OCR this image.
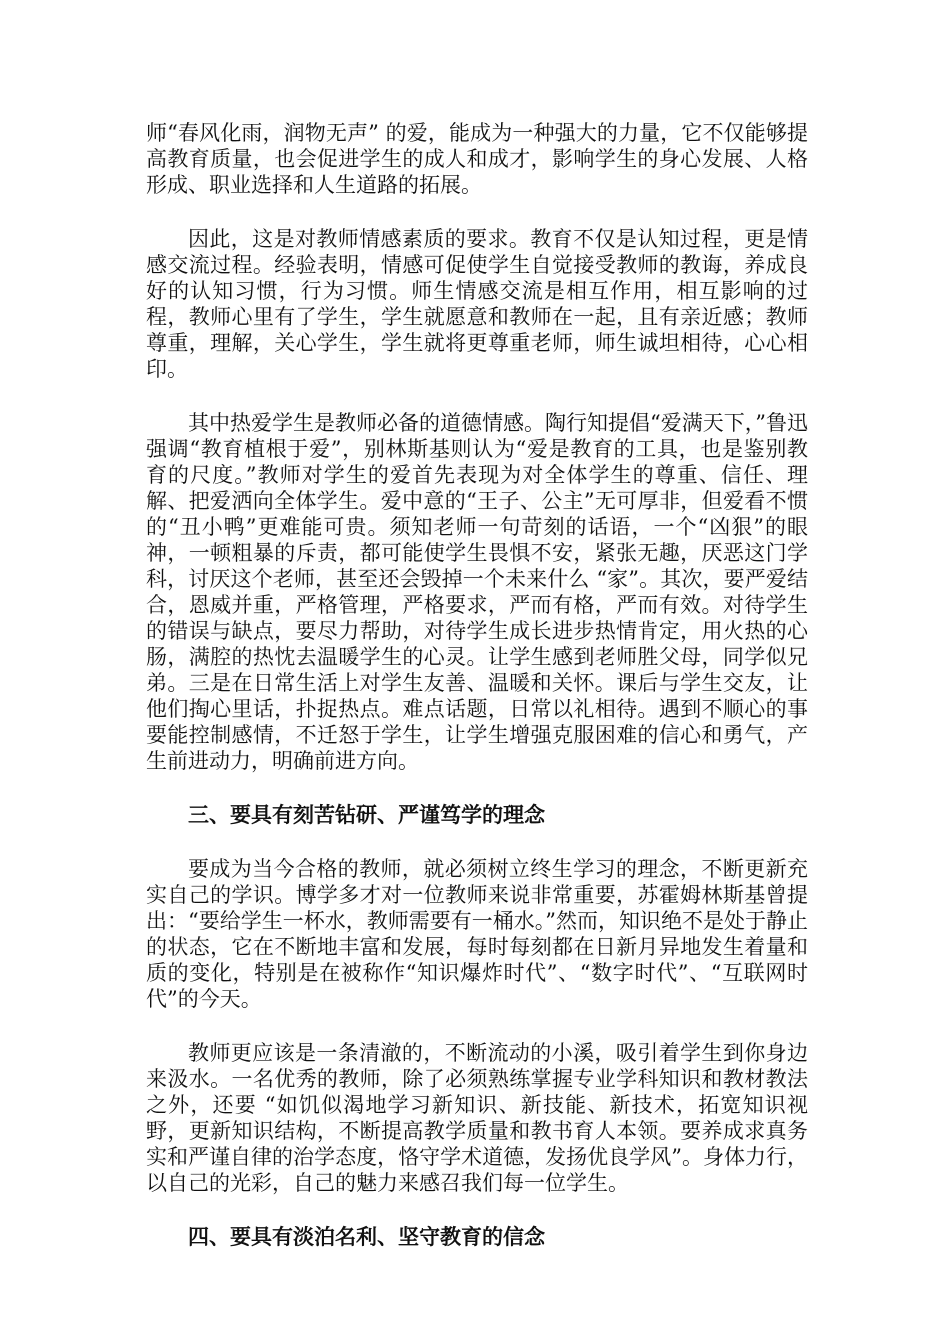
师“春风化雨，润物无声” 的爱，能成为一种强大的力量，它不仅能够提高教育质量，也会促进学生的成人和成才，影响学生的身心发展、人格形成、职业选择和人生道路的拓展。

因此，这是对教师情感素质的要求。教育不仅是认知过程，更是情感交流过程。经验表明，情感可促使学生自觉接受教师的教诲，养成良好的认知习惯，行为习惯。师生情感交流是相互作用，相互影响的过程，教师心里有了学生，学生就愿意和教师在一起，且有亲近感；教师尊重，理解，关心学生，学生就将更尊重老师，师生诚坦相待，心心相印。

其中热爱学生是教师必备的道德情感。陶行知提倡“爱满天下，”鲁迅强调“教育植根于爱”，别林斯基则认为“爱是教育的工具，也是鉴别教育的尺度。”教师对学生的爱首先表现为对全体学生的尊重、信任、理解、把爱洒向全体学生。爱中意的“王子、公主”无可厚非，但爱看不惯的“丑小鸭”更难能可贵。须知老师一句苛刻的话语，一个“凶狠”的眼神，一顿粗暴的斥责，都可能使学生畏惧不安，紧张无趣，厌恶这门学科，讨厌这个老师，甚至还会毁掉一个未来什么 “家”。其次，要严爱结合，恩威并重，严格管理，严格要求，严而有格，严而有效。对待学生的错误与缺点，要尽力帮助，对待学生成长进步热情肯定，用火热的心肠，满腔的热忱去温暖学生的心灵。让学生感到老师胜父母，同学似兄弟。三是在日常生活上对学生友善、温暖和关怀。课后与学生交友，让他们掏心里话，扑捉热点。难点话题，日常以礼相待。遇到不顺心的事要能控制感情，不迁怒于学生，让学生增强克服困难的信心和勇气，产生前进动力，明确前进方向。

三、要具有刻苦钻研、严谨笃学的理念

要成为当今合格的教师，就必须树立终生学习的理念，不断更新充实自己的学识。博学多才对一位教师来说非常重要，苏霍姆林斯基曾提出：“要给学生一杯水，教师需要有一桶水。”然而，知识绝不是处于静止的状态，它在不断地丰富和发展，每时每刻都在日新月异地发生着量和质的变化，特别是在被称作“知识爆炸时代”、“数字时代”、“互联网时代”的今天。

教师更应该是一条清澈的，不断流动的小溪，吸引着学生到你身边来汲水。一名优秀的教师，除了必须熟练掌握专业学科知识和教材教法之外，还要 “如饥似渴地学习新知识、新技能、新技术，拓宽知识视野，更新知识结构，不断提高教学质量和教书育人本领。要养成求真务实和严谨自律的治学态度，恪守学术道德，发扬优良学风”。身体力行，以自己的光彩，自己的魅力来感召我们每一位学生。

四、要具有淡泊名利、坚守教育的信念
